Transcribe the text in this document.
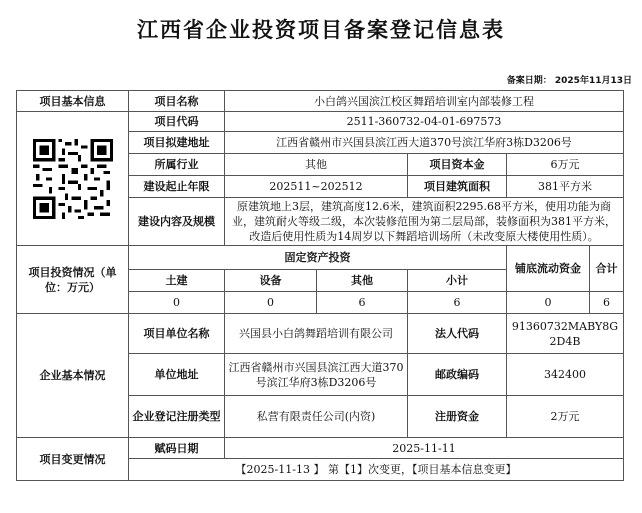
江西省企业投资项目备案登记信息表
备案日期： 2025年11月13日
项目基本信息	项目名称	小白鸽兴国滨江校区舞蹈培训室内部装修工程				

	项目代码	2511-360732-04-01-697573				
	项目拟建地址	江西省赣州市兴国县滨江西大道370号滨江华府3栋D3206号				
	所属行业	其他		项目资本金	6万元	
	建设起止年限	202511~202512		项目建筑面积	381平方米	
	建设内容及规模	原建筑地上3层，建筑高度12.6米，建筑面积2295.68平方米，使用功能为商业，建筑耐火等级二级，本次装修范围为第二层局部，装修面积为381平方米，改造后使用性质为14周岁以下舞蹈培训场所（未改变原大楼使用性质）。				
项目投资情况（单位：万元）	固定资产投资				铺底流动资金	合计
	土建	设备	其他	小计		
	0	0	6	6	0	6
企业基本情况	项目单位名称	兴国县小白鸽舞蹈培训有限公司		法人代码	91360732MABY8G2D4B	
	单位地址	江西省赣州市兴国县滨江西大道370号滨江华府3栋D3206号		邮政编码	342400	
	企业登记注册类型	私营有限责任公司(内资)		注册资金	2万元	
项目变更情况	赋码日期	2025-11-11				
	【2025-11-13 】 第【1】次变更，【项目基本信息变更】					
